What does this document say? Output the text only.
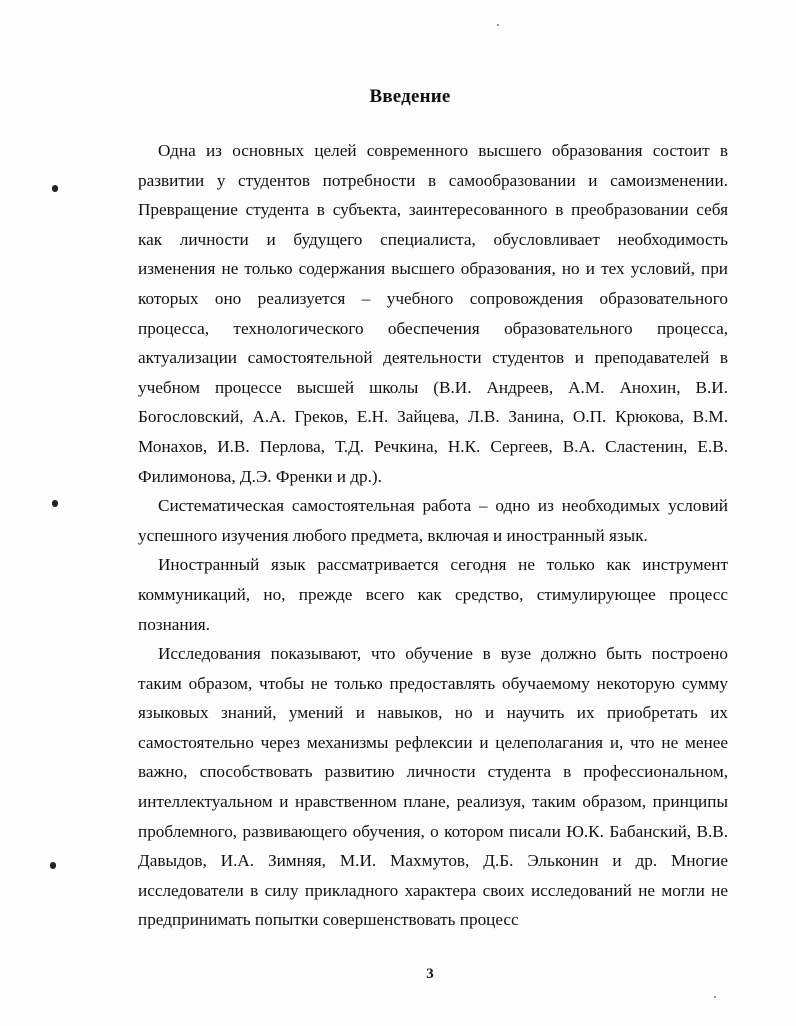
Введение

Одна из основных целей современного высшего образования состоит в развитии у студентов потребности в самообразовании и самоизменении. Превращение студента в субъекта, заинтересованного в преобразовании себя как личности и будущего специалиста, обусловливает необходимость изменения не только содержания высшего образования, но и тех условий, при которых оно реализуется – учебного сопровождения образовательного процесса, технологического обеспечения образовательного процесса, актуализации самостоятельной деятельности студентов и преподавателей в учебном процессе высшей школы (В.И. Андреев, А.М. Анохин, В.И. Богословский, А.А. Греков, Е.Н. Зайцева, Л.В. Занина, О.П. Крюкова, В.М. Монахов, И.В. Перлова, Т.Д. Речкина, Н.К. Сергеев, В.А. Сластенин, Е.В. Филимонова, Д.Э. Френки и др.).

Систематическая самостоятельная работа – одно из необходимых условий успешного изучения любого предмета, включая и иностранный язык.

Иностранный язык рассматривается сегодня не только как инструмент коммуникаций, но, прежде всего как средство, стимулирующее процесс познания.

Исследования показывают, что обучение в вузе должно быть построено таким образом, чтобы не только предоставлять обучаемому некоторую сумму языковых знаний, умений и навыков, но и научить их приобретать их самостоятельно через механизмы рефлексии и целеполагания и, что не менее важно, способствовать развитию личности студента в профессиональном, интеллектуальном и нравственном плане, реализуя, таким образом, принципы проблемного, развивающего обучения, о котором писали Ю.К. Бабанский, В.В. Давыдов, И.А. Зимняя, М.И. Махмутов, Д.Б. Эльконин и др. Многие исследователи в силу прикладного характера своих исследований не могли не предпринимать попытки совершенствовать процесс

3
